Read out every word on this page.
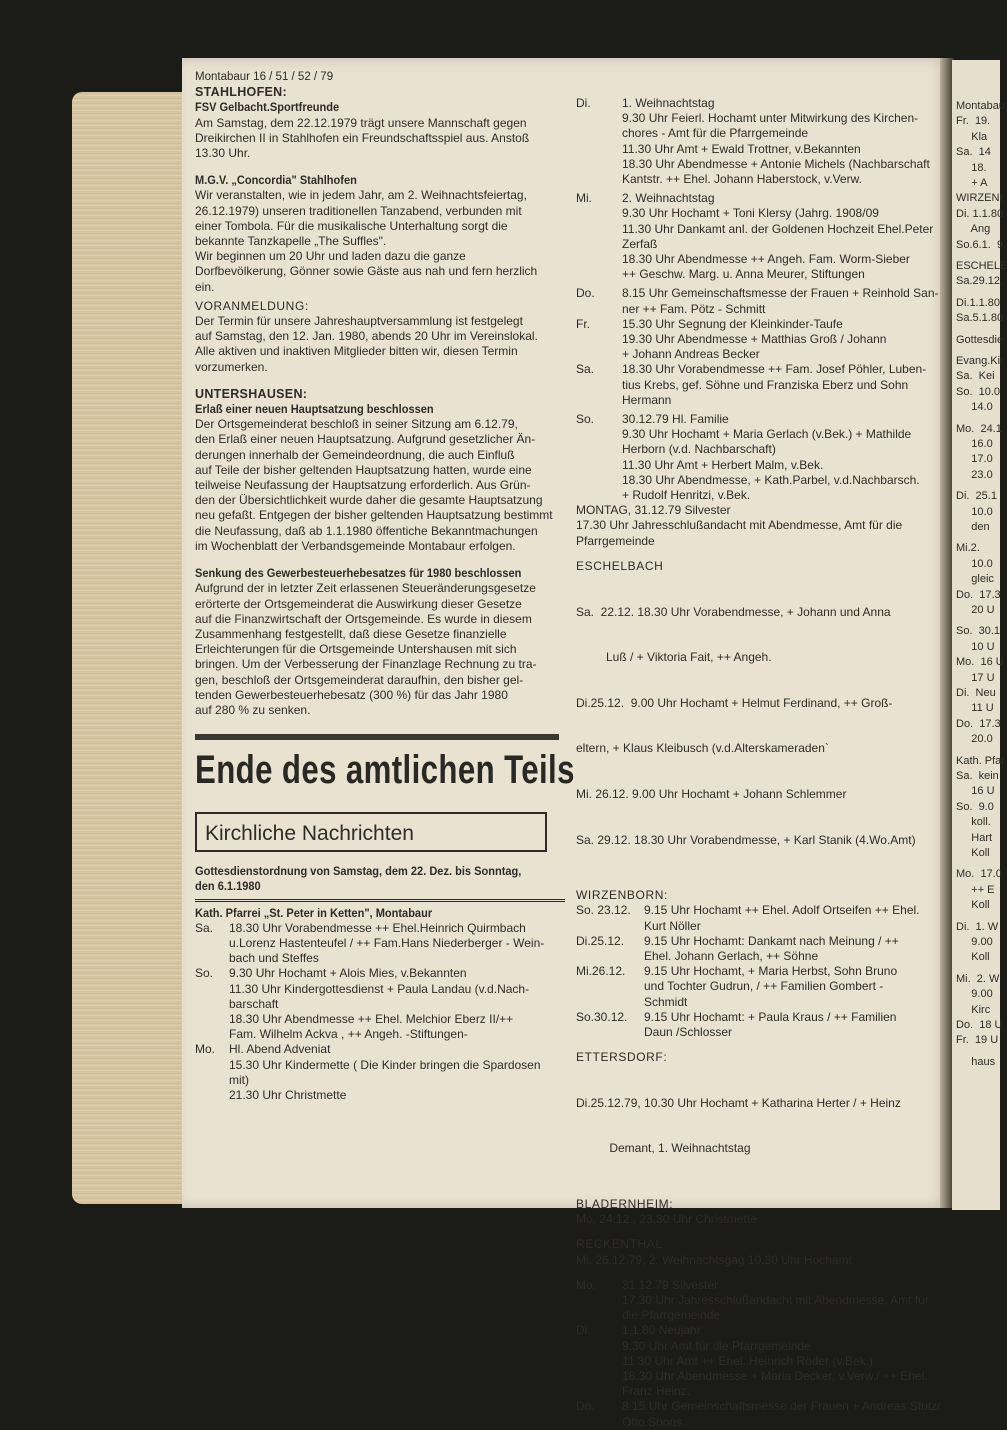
Montabau
Fr.  19.
Kla
Sa.  14
18.
+ A
WIRZENI
Di. 1.1.80
Ang
So.6.1.  9.
ESCHELE
Sa.29.12.
Di.1.1.80
Sa.5.1.80
Gottesdie
Evang.Kir
Sa.  Kei
So.  10.0
14.0
Mo.  24.1
16.0
17.0
23.0
Di.  25.1
10.0
den
Mi.2.
10.0
gleic
Do.  17.3
20 U
So.  30.1
10 U
Mo.  16 U
17 U
Di.  Neu
11 U
Do.  17.3
20.0
Kath. Pfar
Sa.  kein
16 U
So.  9.0
koll.
Hart
Koll
Mo.  17.0
++ E
Koll
Di.  1. W
9.00
Koll
Mi.  2. W
9.00
Kirc
Do.  18 U
Fr.  19 U
haus
Montabaur 16 / 51 / 52 / 79
STAHLHOFEN:
FSV Gelbacht.Sportfreunde

Am Samstag, dem 22.12.1979 trägt unsere Mannschaft gegen

Dreikirchen II in Stahlhofen ein Freundschaftsspiel aus. Anstoß

13.30 Uhr.

M.G.V. „Concordia" Stahlhofen

Wir veranstalten, wie in jedem Jahr, am 2. Weihnachtsfeiertag,

26.12.1979) unseren traditionellen Tanzabend, verbunden mit

einer Tombola. Für die musikalische Unterhaltung sorgt die

bekannte Tanzkapelle „The Suffles".

Wir beginnen um 20 Uhr und laden dazu die ganze

Dorfbevölkerung, Gönner sowie Gäste aus nah und fern herzlich

ein.

VORANMELDUNG:

Der Termin für unsere Jahreshauptversammlung ist festgelegt

auf Samstag, den 12. Jan. 1980, abends 20 Uhr im Vereinslokal.

Alle aktiven und inaktiven Mitglieder bitten wir, diesen Termin

vorzumerken.

UNTERSHAUSEN:
Erlaß einer neuen Hauptsatzung beschlossen

Der Ortsgemeinderat beschloß in seiner Sitzung am 6.12.79,

den Erlaß einer neuen Hauptsatzung. Aufgrund gesetzlicher Än-

derungen innerhalb der Gemeindeordnung, die auch Einfluß

auf Teile der bisher geltenden Hauptsatzung hatten, wurde eine

teilweise Neufassung der Hauptsatzung erforderlich. Aus Grün-

den der Übersichtlichkeit wurde daher die gesamte Hauptsatzung

neu gefaßt. Entgegen der bisher geltenden Hauptsatzung bestimmt

die Neufassung, daß ab 1.1.1980 öffentiche Bekanntmachungen

im Wochenblatt der Verbandsgemeinde Montabaur erfolgen.

Senkung des Gewerbesteuerhebesatzes für 1980 beschlossen

Aufgrund der in letzter Zeit erlassenen Steueränderungsgesetze

erörterte der Ortsgemeinderat die Auswirkung dieser Gesetze

auf die Finanzwirtschaft der Ortsgemeinde. Es wurde in diesem

Zusammenhang festgestellt, daß diese Gesetze finanzielle

Erleichterungen für die Ortsgemeinde Untershausen mit sich

bringen. Um der Verbesserung der Finanzlage Rechnung zu tra-

gen, beschloß der Ortsgemeinderat daraufhin, den bisher gel-

tenden Gewerbesteuerhebesatz (300 %) für das Jahr 1980

auf 280 % zu senken.

Ende des amtlichen Teils
Kirchliche Nachrichten

Gottesdienstordnung von Samstag, dem 22. Dez. bis Sonntag,

den 6.1.1980

Kath. Pfarrei „St. Peter in Ketten", Montabaur
Sa.	18.30 Uhr Vorabendmesse ++ Ehel.Heinrich Quirmbach

u.Lorenz Hastenteufel / ++ Fam.Hans Niederberger - Wein-

bach und Steffes

So.	9.30 Uhr Hochamt + Alois Mies, v.Bekannten

11.30 Uhr Kindergottesdienst + Paula Landau (v.d.Nach-

barschaft

18.30 Uhr Abendmesse ++ Ehel. Melchior Eberz II/++

Fam. Wilhelm Ackva , ++ Angeh. -Stiftungen-

Mo.	Hl. Abend Adveniat

15.30 Uhr Kindermette ( Die Kinder bringen die Spardosen

mit)

21.30 Uhr Christmette

Di.	1. Weihnachtstag

9.30 Uhr Feierl. Hochamt unter Mitwirkung des Kirchen-

chores - Amt für die Pfarrgemeinde

11.30 Uhr Amt + Ewald Trottner, v.Bekannten

18.30 Uhr Abendmesse + Antonie Michels (Nachbarschaft

Kantstr. ++ Ehel. Johann Haberstock, v.Verw.

Mi.	2. Weihnachtstag

9.30 Uhr Hochamt + Toni Klersy (Jahrg. 1908/09

11.30 Uhr Dankamt anl. der Goldenen Hochzeit Ehel.Peter

Zerfaß

18.30 Uhr Abendmesse ++ Angeh. Fam. Worm-Sieber

++ Geschw. Marg. u. Anna Meurer, Stiftungen

Do.	8.15 Uhr Gemeinschaftsmesse der Frauen + Reinhold San-

ner ++ Fam. Pötz - Schmitt

Fr.	15.30 Uhr Segnung der Kleinkinder-Taufe

19.30 Uhr Abendmesse + Matthias Groß / Johann

+ Johann Andreas Becker

Sa.	18.30 Uhr Vorabendmesse ++ Fam. Josef Pöhler, Luben-

tius Krebs, gef. Söhne und Franziska Eberz und Sohn

Hermann

So.	30.12.79 Hl. Familie

9.30 Uhr Hochamt + Maria Gerlach (v.Bek.) + Mathilde

Herborn (v.d. Nachbarschaft)

11.30 Uhr Amt + Herbert Malm, v.Bek.

18.30 Uhr Abendmesse, + Kath.Parbel, v.d.Nachbarsch.

+ Rudolf Henritzi, v.Bek.

MONTAG, 31.12.79 Silvester

17.30 Uhr Jahresschlußandacht mit Abendmesse, Amt für die

Pfarrgemeinde

ESCHELBACH

Sa.  22.12. 18.30 Uhr Vorabendmesse, + Johann und Anna

Luß / + Viktoria Fait, ++ Angeh.

Di.25.12.  9.00 Uhr Hochamt + Helmut Ferdinand, ++ Groß-

eltern, + Klaus Kleibusch (v.d.Alterskameraden`

Mi. 26.12. 9.00 Uhr Hochamt + Johann Schlemmer

Sa. 29.12. 18.30 Uhr Vorabendmesse, + Karl Stanik (4.Wo.Amt)

WIRZENBORN:
So. 23.12.	9.15 Uhr Hochamt ++ Ehel. Adolf Ortseifen ++ Ehel.

Kurt Nöller

Di.25.12.	9.15 Uhr Hochamt: Dankamt nach Meinung / ++

Ehel. Johann Gerlach, ++ Söhne

Mi.26.12.	9.15 Uhr Hochamt, + Maria Herbst, Sohn Bruno

und Tochter Gudrun, / ++ Familien Gombert -

Schmidt

So.30.12.	9.15 Uhr Hochamt: + Paula Kraus / ++ Familien

Daun /Schlosser

ETTERSDORF:

Di.25.12.79, 10.30 Uhr Hochamt + Katharina Herter / + Heinz

Demant, 1. Weihnachtstag

BLADERNHEIM:
Mo. 24.12., 23.30 Uhr Christmette
RECKENTHAL
Mi. 26.12.79, 2. Weihnachtsgag 10.30 Uhr Hochamt
Mo.	31.12.79 Silvester

17.30 Uhr Jahresschlußandacht mit Abendmesse, Amt für

die Pfarrgemeinde

Di.	1.1.80 Neujahr

9.30 Uhr Amt für die Pfarrgemeinde

11.30 Uhr Amt ++ Ehel. Heinrich Röder (v.Bek.)

18.30 Uhr Abendmesse + Maria Decker, v.Verw./ ++ Ehel.

Franz Heinz.

Do.	8.15 Uhr Gemeinschaftsmesse der Frauen + Andreas Stutz/

Otto Soons
